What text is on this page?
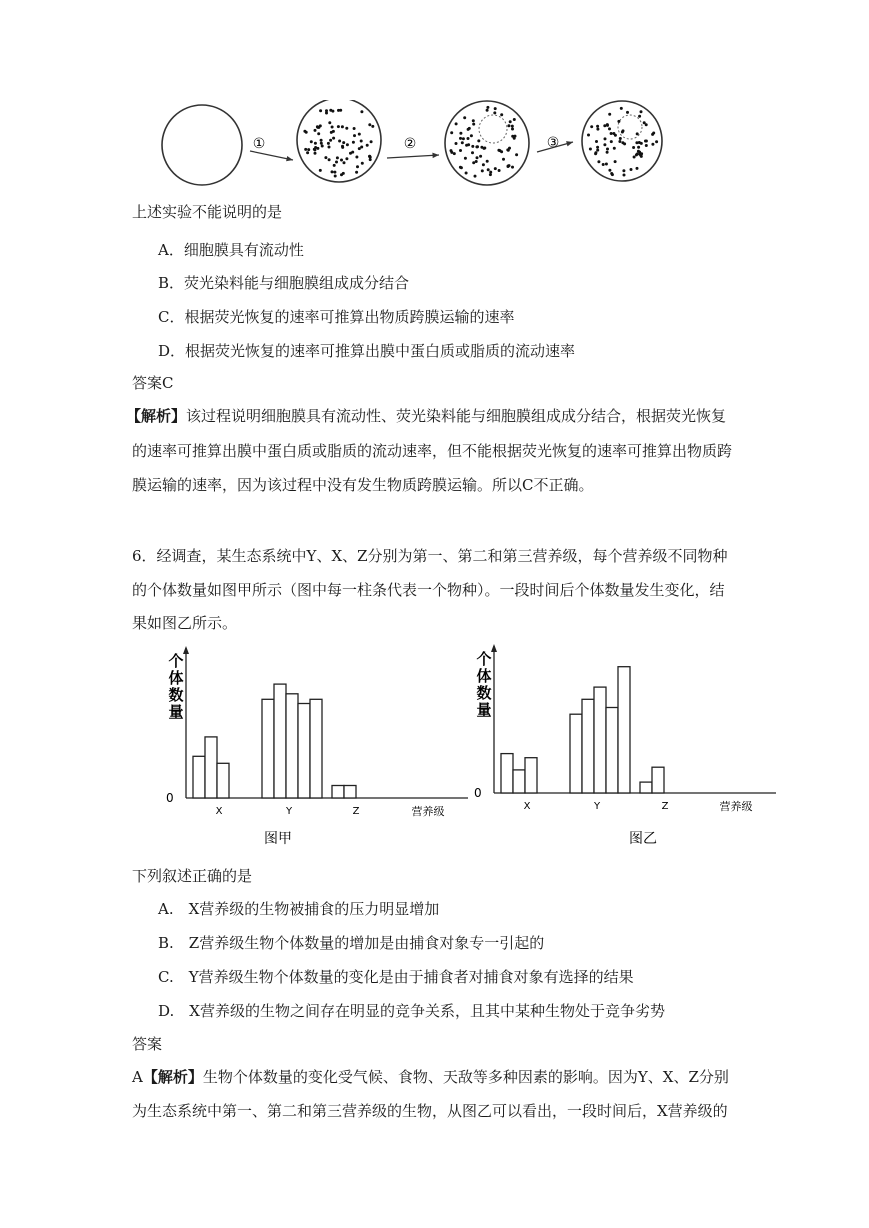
①	②	③
上述实验不能说明的是
A．细胞膜具有流动性
B．荧光染料能与细胞膜组成成分结合
C．根据荧光恢复的速率可推算出物质跨膜运输的速率
D．根据荧光恢复的速率可推算出膜中蛋白质或脂质的流动速率
答案C
【解析】该过程说明细胞膜具有流动性、荧光染料能与细胞膜组成成分结合，根据荧光恢复
的速率可推算出膜中蛋白质或脂质的流动速率，但不能根据荧光恢复的速率可推算出物质跨
膜运输的速率，因为该过程中没有发生物质跨膜运输。所以C不正确。
6．经调查，某生态系统中Y、X、Z分别为第一、第二和第三营养级，每个营养级不同物种
的个体数量如图甲所示（图中每一柱条代表一个物种）。一段时间后个体数量发生变化，结
果如图乙所示。
个体数量
0
X	Y	Z	营养级
图甲
个体数量
0
X	Y	Z	营养级
图乙
下列叙述正确的是
A.　X营养级的生物被捕食的压力明显增加
B.　Z营养级生物个体数量的增加是由捕食对象专一引起的
C.　Y营养级生物个体数量的变化是由于捕食者对捕食对象有选择的结果
D.　X营养级的生物之间存在明显的竞争关系，且其中某种生物处于竞争劣势
答案
A【解析】生物个体数量的变化受气候、食物、天敌等多种因素的影响。因为Y、X、Z分别
为生态系统中第一、第二和第三营养级的生物，从图乙可以看出，一段时间后，X营养级的
